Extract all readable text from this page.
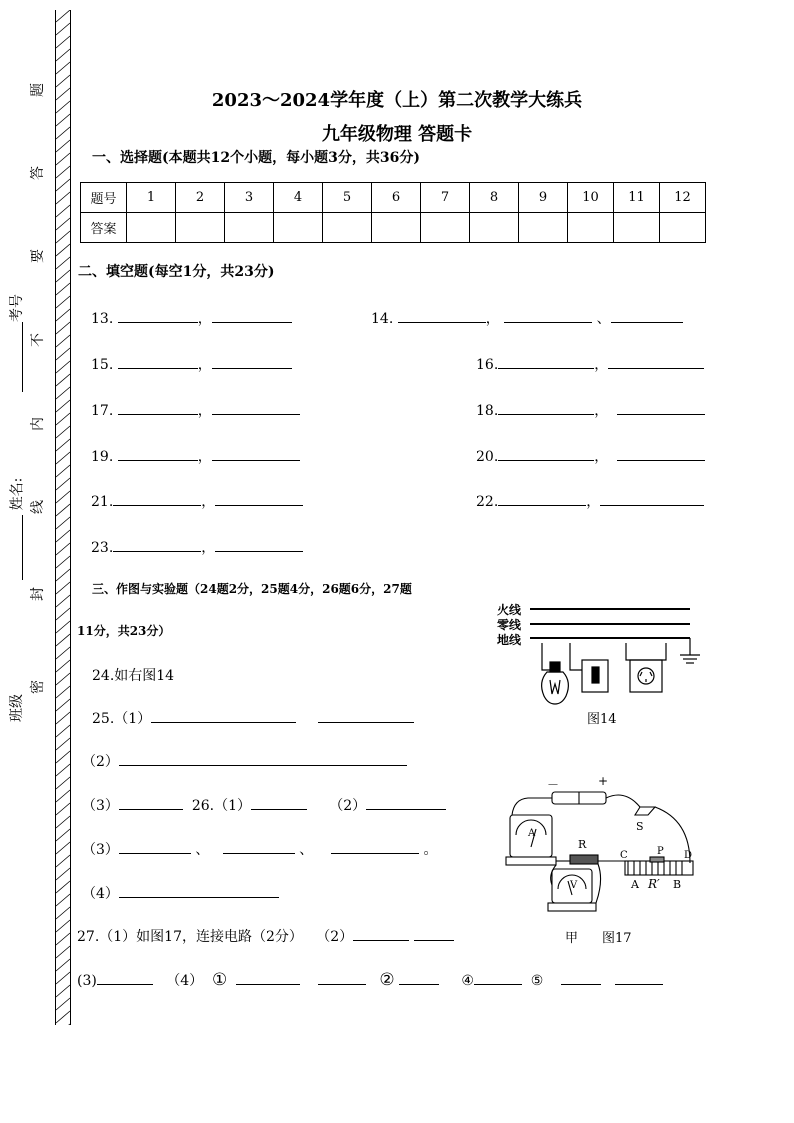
题
答
要
不
内
线
封
密
考号
姓名:
班级
2023～2024学年度（上）第二次教学大练兵
九年级物理 答题卡
一、选择题(本题共12个小题，每小题3分，共36分)
题号	1	2	3	4	5	6	7	8	9	10	11	12
答案												
二、填空题(每空1分，共23分)
13.	，	14.	，	、
15.	，	16.	，
17.	，	18.	，
19.	，	20.	，
21.	，	22.	，
23.	，
三、作图与实验题（24题2分，25题4分，26题6分，27题
11分，共23分）
24.如右图14
25.（1）
（2）
（3）	26.（1）	（2）
（3）	、	、	。
（4）
27.（1）如图17，连接电路（2分） （2）
(3)	（4） ①	②	④	⑤
火线
零线
地线
图14
－	+
S
R
A
V
C	P D
A R′ B
甲 图17
